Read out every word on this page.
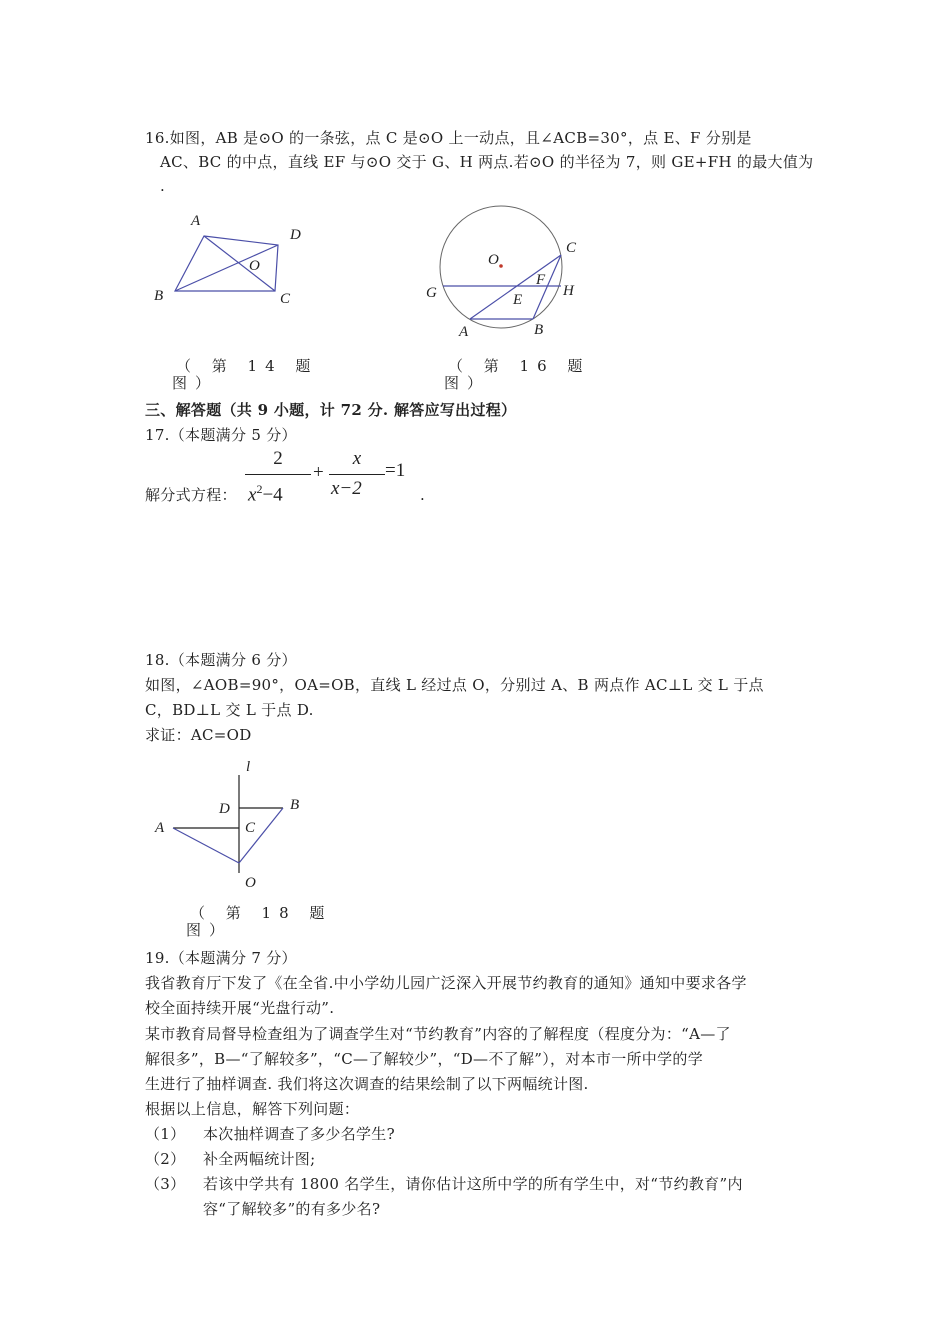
16.如图，AB 是⊙O 的一条弦，点 C 是⊙O 上一动点，且∠ACB=30°，点 E、F 分别是
AC、BC 的中点，直线 EF 与⊙O 交于 G、H 两点.若⊙O 的半径为 7，则 GE+FH 的最大值为
.
A
D
O
B	C
（ 第 14 题
图）
O
C
F
G	H
E
A	B
（ 第 16 题
图）
三、解答题（共 9 小题，计 72 分. 解答应写出过程）
17.（本题满分 5 分）
解分式方程：
2
$x^2-4$
+
x
x−2
=1
.
18.（本题满分 6 分）
如图，∠AOB=90°，OA=OB，直线 L 经过点 O，分别过 A、B 两点作 AC⊥L 交 L 于点
C，BD⊥L 交 L 于点 D.
求证：AC=OD
l
D	B
A	C
O
（ 第 18 题
图）
19.（本题满分 7 分）
我省教育厅下发了《在全省.中小学幼儿园广泛深入开展节约教育的通知》通知中要求各学
校全面持续开展“光盘行动”.
某市教育局督导检查组为了调查学生对“节约教育”内容的了解程度（程度分为：“A—了
解很多”，B—“了解较多”，“C—了解较少”，“D—不了解”），对本市一所中学的学
生进行了抽样调查. 我们将这次调查的结果绘制了以下两幅统计图.
根据以上信息，解答下列问题：
（1） 本次抽样调查了多少名学生?
（2） 补全两幅统计图;
（3） 若该中学共有 1800 名学生，请你估计这所中学的所有学生中，对“节约教育”内
容“了解较多”的有多少名?
